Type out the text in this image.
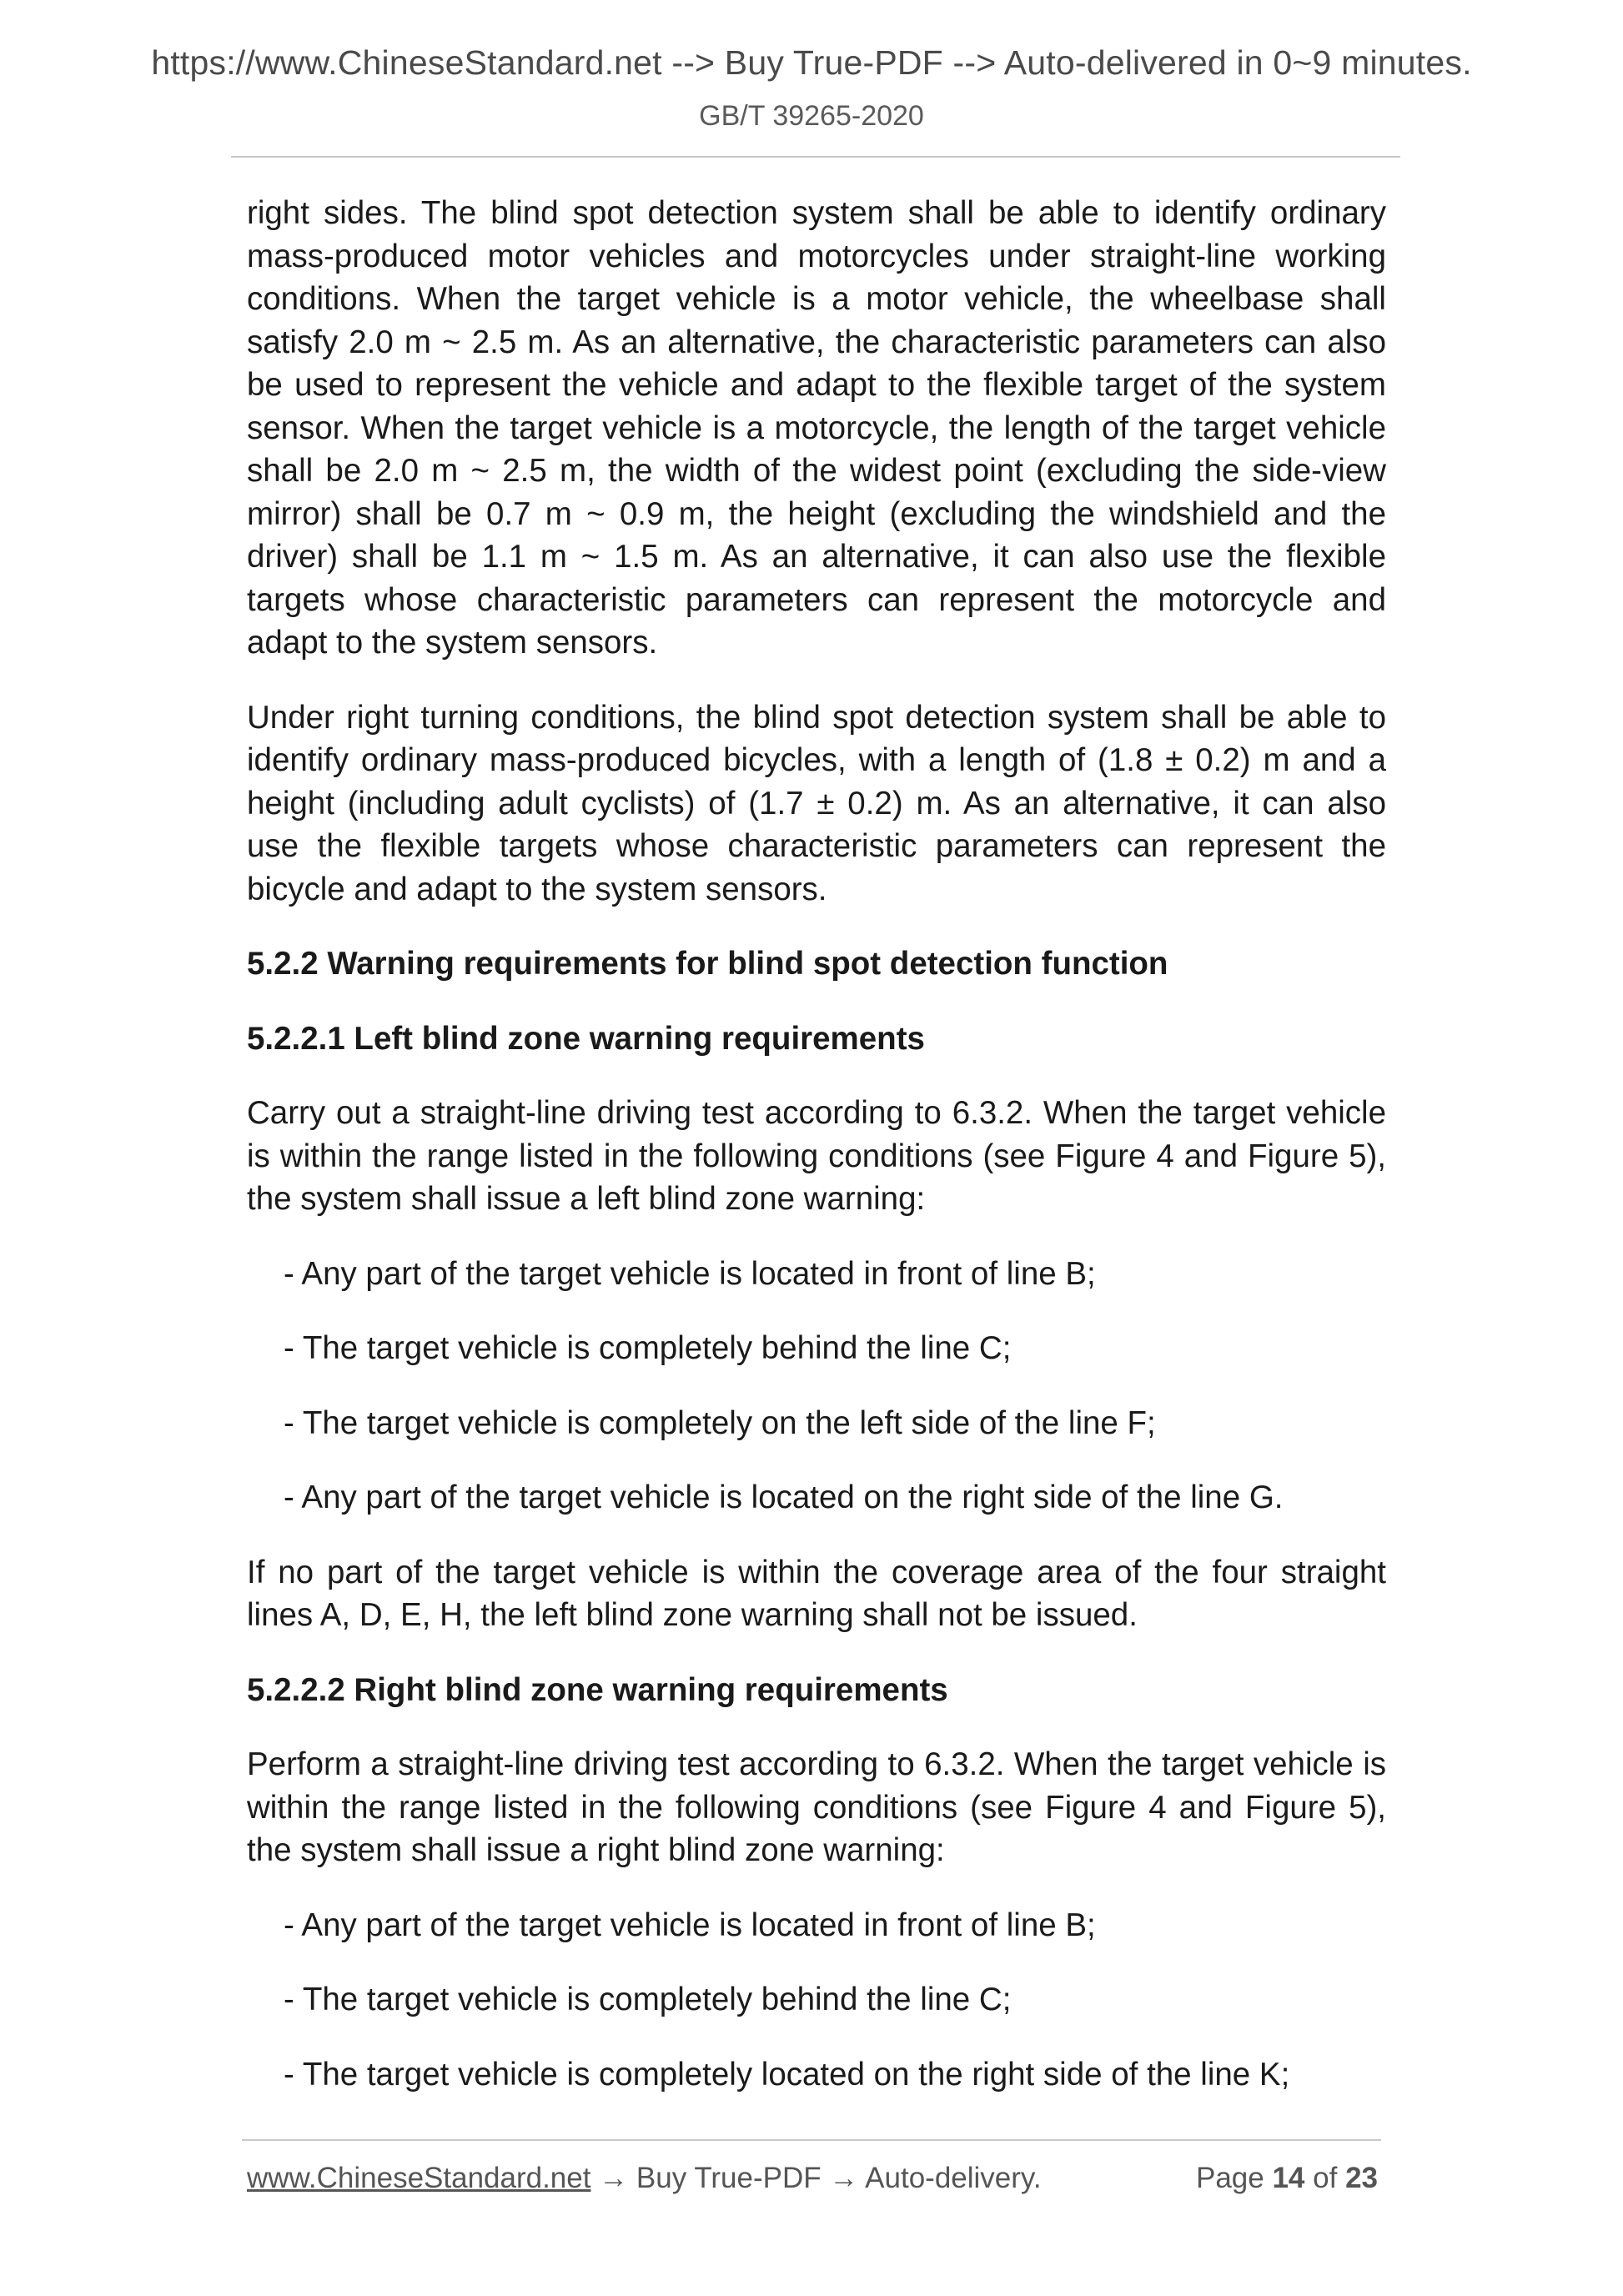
https://www.ChineseStandard.net --> Buy True-PDF --> Auto-delivered in 0~9 minutes.
GB/T 39265-2020

right sides. The blind spot detection system shall be able to identify ordinary mass-produced motor vehicles and motorcycles under straight-line working conditions. When the target vehicle is a motor vehicle, the wheelbase shall satisfy 2.0 m ~ 2.5 m. As an alternative, the characteristic parameters can also be used to represent the vehicle and adapt to the flexible target of the system sensor. When the target vehicle is a motorcycle, the length of the target vehicle shall be 2.0 m ~ 2.5 m, the width of the widest point (excluding the side-view mirror) shall be 0.7 m ~ 0.9 m, the height (excluding the windshield and the driver) shall be 1.1 m ~ 1.5 m. As an alternative, it can also use the flexible targets whose characteristic parameters can represent the motorcycle and adapt to the system sensors.

Under right turning conditions, the blind spot detection system shall be able to identify ordinary mass-produced bicycles, with a length of (1.8 ± 0.2) m and a height (including adult cyclists) of (1.7 ± 0.2) m. As an alternative, it can also use the flexible targets whose characteristic parameters can represent the bicycle and adapt to the system sensors.

5.2.2 Warning requirements for blind spot detection function

5.2.2.1 Left blind zone warning requirements

Carry out a straight-line driving test according to 6.3.2. When the target vehicle is within the range listed in the following conditions (see Figure 4 and Figure 5), the system shall issue a left blind zone warning:

- Any part of the target vehicle is located in front of line B;

- The target vehicle is completely behind the line C;

- The target vehicle is completely on the left side of the line F;

- Any part of the target vehicle is located on the right side of the line G.

If no part of the target vehicle is within the coverage area of the four straight lines A, D, E, H, the left blind zone warning shall not be issued.

5.2.2.2 Right blind zone warning requirements

Perform a straight-line driving test according to 6.3.2. When the target vehicle is within the range listed in the following conditions (see Figure 4 and Figure 5), the system shall issue a right blind zone warning:

- Any part of the target vehicle is located in front of line B;

- The target vehicle is completely behind the line C;

- The target vehicle is completely located on the right side of the line K;

www.ChineseStandard.net → Buy True-PDF → Auto-delivery.	Page 14 of 23
